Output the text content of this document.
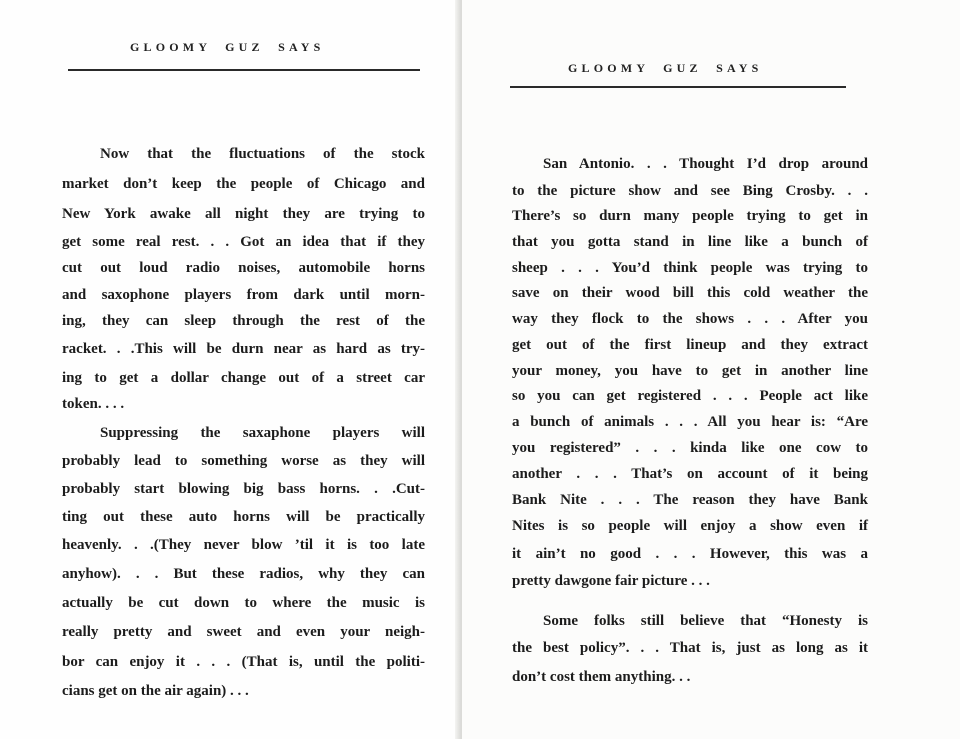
GLOOMY  GUZ  SAYS
Now that the fluctuations of the stock
market don’t keep the people of Chicago and
New York awake all night they are trying to
get some real rest. . . Got an idea that if they
cut out loud radio noises, automobile horns
and saxophone players from dark until morn-
ing, they can sleep through the rest of the
racket. . .This will be durn near as hard as try-
ing to get a dollar change out of a street car
token. . . .
Suppressing the saxaphone players will
probably lead to something worse as they will
probably start blowing big bass horns. . .Cut-
ting out these auto horns will be practically
heavenly. . .(They never blow ’til it is too late
anyhow). . . But these radios, why they can
actually be cut down to where the music is
really pretty and sweet and even your neigh-
bor can enjoy it . . . (That is, until the politi-
cians get on the air again) . . .
GLOOMY  GUZ  SAYS
San Antonio. . . Thought I’d drop around
to the picture show and see Bing Crosby. . .
There’s so durn many people trying to get in
that you gotta stand in line like a bunch of
sheep . . . You’d think people was trying to
save on their wood bill this cold weather the
way they flock to the shows . . . After you
get out of the first lineup and they extract
your money, you have to get in another line
so you can get registered . . . People act like
a bunch of animals . . . All you hear is: “Are
you registered” . . . kinda like one cow to
another . . . That’s on account of it being
Bank Nite . . . The reason they have Bank
Nites is so people will enjoy a show even if
it ain’t no good . . . However, this was a
pretty dawgone fair picture . . .
Some folks still believe that “Honesty is
the best policy”. . . That is, just as long as it
don’t cost them anything. . .
